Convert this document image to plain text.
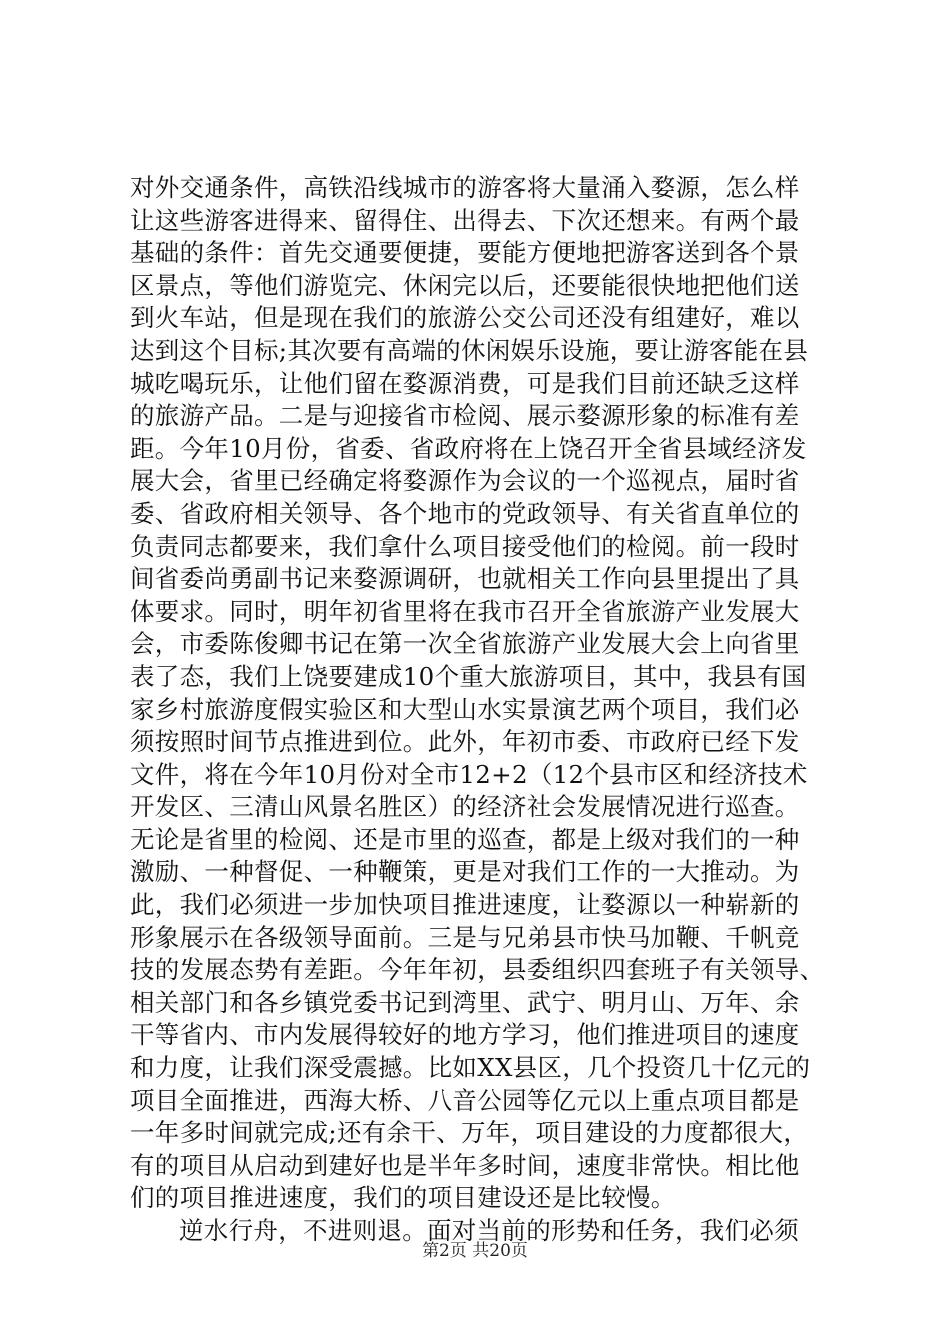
对外交通条件，高铁沿线城市的游客将大量涌入婺源，怎么样
让这些游客进得来、留得住、出得去、下次还想来。有两个最
基础的条件：首先交通要便捷，要能方便地把游客送到各个景
区景点，等他们游览完、休闲完以后，还要能很快地把他们送
到火车站，但是现在我们的旅游公交公司还没有组建好，难以
达到这个目标;其次要有高端的休闲娱乐设施，要让游客能在县
城吃喝玩乐，让他们留在婺源消费，可是我们目前还缺乏这样
的旅游产品。二是与迎接省市检阅、展示婺源形象的标准有差
距。今年10月份，省委、省政府将在上饶召开全省县域经济发
展大会，省里已经确定将婺源作为会议的一个巡视点，届时省
委、省政府相关领导、各个地市的党政领导、有关省直单位的
负责同志都要来，我们拿什么项目接受他们的检阅。前一段时
间省委尚勇副书记来婺源调研，也就相关工作向县里提出了具
体要求。同时，明年初省里将在我市召开全省旅游产业发展大
会，市委陈俊卿书记在第一次全省旅游产业发展大会上向省里
表了态，我们上饶要建成10个重大旅游项目，其中，我县有国
家乡村旅游度假实验区和大型山水实景演艺两个项目，我们必
须按照时间节点推进到位。此外，年初市委、市政府已经下发
文件，将在今年10月份对全市12+2（12个县市区和经济技术
开发区、三清山风景名胜区）的经济社会发展情况进行巡查。
无论是省里的检阅、还是市里的巡查，都是上级对我们的一种
激励、一种督促、一种鞭策，更是对我们工作的一大推动。为
此，我们必须进一步加快项目推进速度，让婺源以一种崭新的
形象展示在各级领导面前。三是与兄弟县市快马加鞭、千帆竞
技的发展态势有差距。今年年初，县委组织四套班子有关领导、
相关部门和各乡镇党委书记到湾里、武宁、明月山、万年、余
干等省内、市内发展得较好的地方学习，他们推进项目的速度
和力度，让我们深受震撼。比如XX县区，几个投资几十亿元的
项目全面推进，西海大桥、八音公园等亿元以上重点项目都是
一年多时间就完成;还有余干、万年，项目建设的力度都很大，
有的项目从启动到建好也是半年多时间，速度非常快。相比他
们的项目推进速度，我们的项目建设还是比较慢。
逆水行舟，不进则退。面对当前的形势和任务，我们必须
第2页 共20页
